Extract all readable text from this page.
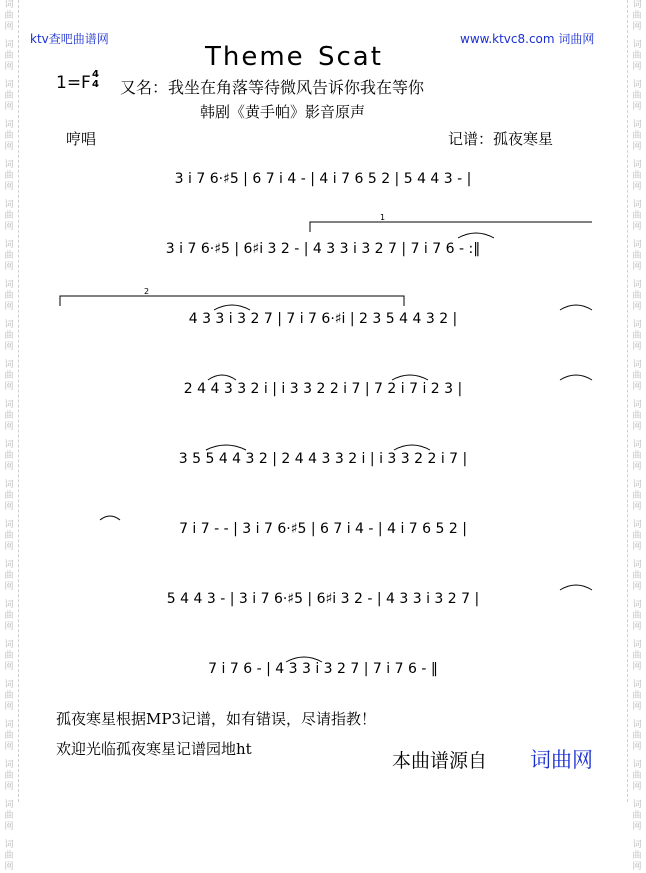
词
曲
网
词
曲
网
词
曲
网
词
曲
网
词
曲
网
词
曲
网
词
曲
网
词
曲
网
词
曲
网
词
曲
网
词
曲
网
词
曲
网
词
曲
网
词
曲
网
词
曲
网
词
曲
网
词
曲
网
词
曲
网
词
曲
网
词
曲
网
词
曲
网
词
曲
网
词
曲
网
词
曲
网
词
曲
网
词
曲
网
词
曲
网
词
曲
网
词
曲
网
词
曲
网
词
曲
网
词
曲
网
词
曲
网
词
曲
网
词
曲
网
词
曲
网
词
曲
网
词
曲
网
词
曲
网
词
曲
网
词
曲
网
词
曲
网
词
曲
网
词
曲
网
ktv查吧曲谱网	www.ktvc8.com 词曲网
Theme Scat
1=F 4
4 又名：我坐在角落等待微风告诉你我在等你
韩剧《黄手帕》影音原声
哼唱	记谱：孤夜寒星
3 i 7 6·♯5 | 6 7 i 4 - | 4 i 7 6 5 2 | 5 4 4 3 - |
3 i 7 6·♯5 | 6♯i 3 2 - | 4 3 3 i 3 2 7 | 7 i 7 6 - :‖
4 3 3 i 3 2 7 | 7 i 7 6·♯i | 2 3 5 4 4 3 2 |
2 4 4 3 3 2 i | i 3 3 2 2 i 7 | 7 2 i 7 i 2 3 |
3 5 5 4 4 3 2 | 2 4 4 3 3 2 i | i 3 3 2 2 i 7 |
7 i 7 - - | 3 i 7 6·♯5 | 6 7 i 4 - | 4 i 7 6 5 2 |
5 4 4 3 - | 3 i 7 6·♯5 | 6♯i 3 2 - | 4 3 3 i 3 2 7 |
7 i 7 6 - | 4 3 3 i 3 2 7 | 7 i 7 6 - ‖
1
2
孤夜寒星根据MP3记谱，如有错误，尽请指教！
欢迎光临孤夜寒星记谱园地ht
本曲谱源自 词曲网
